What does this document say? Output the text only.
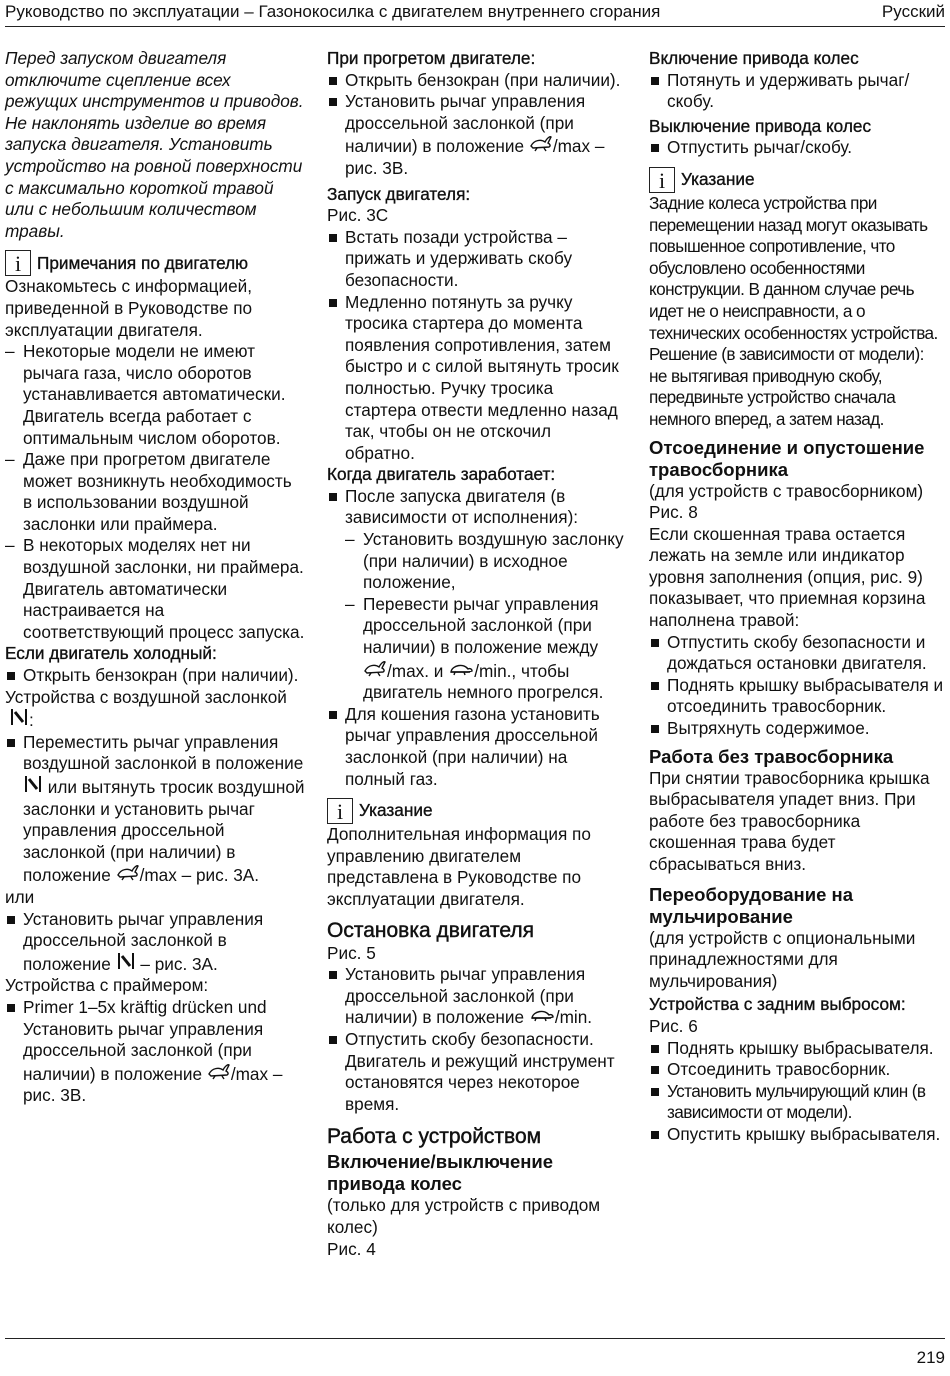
Руководство по эксплуатации – Газонокосилка с двигателем внутреннего сгорания	Русский

Перед запуском двигателя отключите сцепление всех режущих инструментов и приводов. Не наклонять изделие во время запуска двигателя. Установить устройство на ровной поверхности с максимально короткой травой или с небольшим количеством травы.

i Примечания по двигателю

Ознакомьтесь с информацией, приведенной в Руководстве по эксплуатации двигателя.

– Некоторые модели не имеют рычага газа, число оборотов устанавливается автоматически. Двигатель всегда работает с оптимальным числом оборотов.
– Даже при прогретом двигателе может возникнуть необходимость в использовании воздушной заслонки или праймера.
– В некоторых моделях нет ни воздушной заслонки, ни праймера. Двигатель автоматически настраивается на соответствующий процесс запуска.

Если двигатель холодный:

Открыть бензокран (при наличии).

Устройства с воздушной заслонкой :

Переместить рычаг управления воздушной заслонкой в положение  или вытянуть тросик воздушной заслонки и установить рычаг управления дроссельной заслонкой (при наличии) в положение /max – рис. 3A.

или

Установить рычаг управления дроссельной заслонкой в положение – рис. 3A.

Устройства с праймером:

Primer 1–5x kräftig drücken und Установить рычаг управления дроссельной заслонкой (при наличии) в положение /max – рис. 3B.

При прогретом двигателе:

Открыть бензокран (при наличии).
Установить рычаг управления дроссельной заслонкой (при наличии) в положение /max – рис. 3B.

Запуск двигателя:

Рис. 3C

Встать позади устройства – прижать и удерживать скобу безопасности.
Медленно потянуть за ручку тросика стартера до момента появления сопротивления, затем быстро и с силой вытянуть тросик полностью. Ручку тросика стартера отвести медленно назад так, чтобы он не отскочил обратно.

Когда двигатель заработает:

После запуска двигателя (в зависимости от исполнения):
– Установить воздушную заслонку (при наличии) в исходное положение,
– Перевести рычаг управления дроссельной заслонкой (при наличии) в положение между /max. и /min., чтобы двигатель немного прогрелся.
Для кошения газона установить рычаг управления дроссельной заслонкой (при наличии) на полный газ.
i Указание

Дополнительная информация по управлению двигателем представлена в Руководстве по эксплуатации двигателя.

Остановка двигателя

Рис. 5

Установить рычаг управления дроссельной заслонкой (при наличии) в положение /min.
Отпустить скобу безопасности. Двигатель и режущий инструмент остановятся через некоторое время.

Работа с устройством

Включение/выключение привода колес

(только для устройств с приводом колес)

Рис. 4

Включение привода колес

Потянуть и удерживать рычаг/скобу.

Выключение привода колес

Отпустить рычаг/скобу.
i Указание

Задние колеса устройства при перемещении назад могут оказывать повышенное сопротивление, что обусловлено особенностями конструкции. В данном случае речь идет не о неисправности, а о технических особенностях устройства. Решение (в зависимости от модели): не вытягивая приводную скобу, передвиньте устройство сначала немного вперед, а затем назад.

Отсоединение и опустошение травосборника

(для устройств с травосборником)

Рис. 8

Если скошенная трава остается лежать на земле или индикатор уровня заполнения (опция, рис. 9) показывает, что приемная корзина наполнена травой:

Отпустить скобу безопасности и дождаться остановки двигателя.
Поднять крышку выбрасывателя и отсоединить травосборник.
Вытряхнуть содержимое.

Работа без травосборника

При снятии травосборника крышка выбрасывателя упадет вниз. При работе без травосборника скошенная трава будет сбрасываться вниз.

Переоборудование на мульчирование

(для устройств с опциональными принадлежностями для мульчирования)

Устройства с задним выбросом:

Рис. 6

Поднять крышку выбрасывателя.
Отсоединить травосборник.
Установить мульчирующий клин (в зависимости от модели).
Опустить крышку выбрасывателя.
219
